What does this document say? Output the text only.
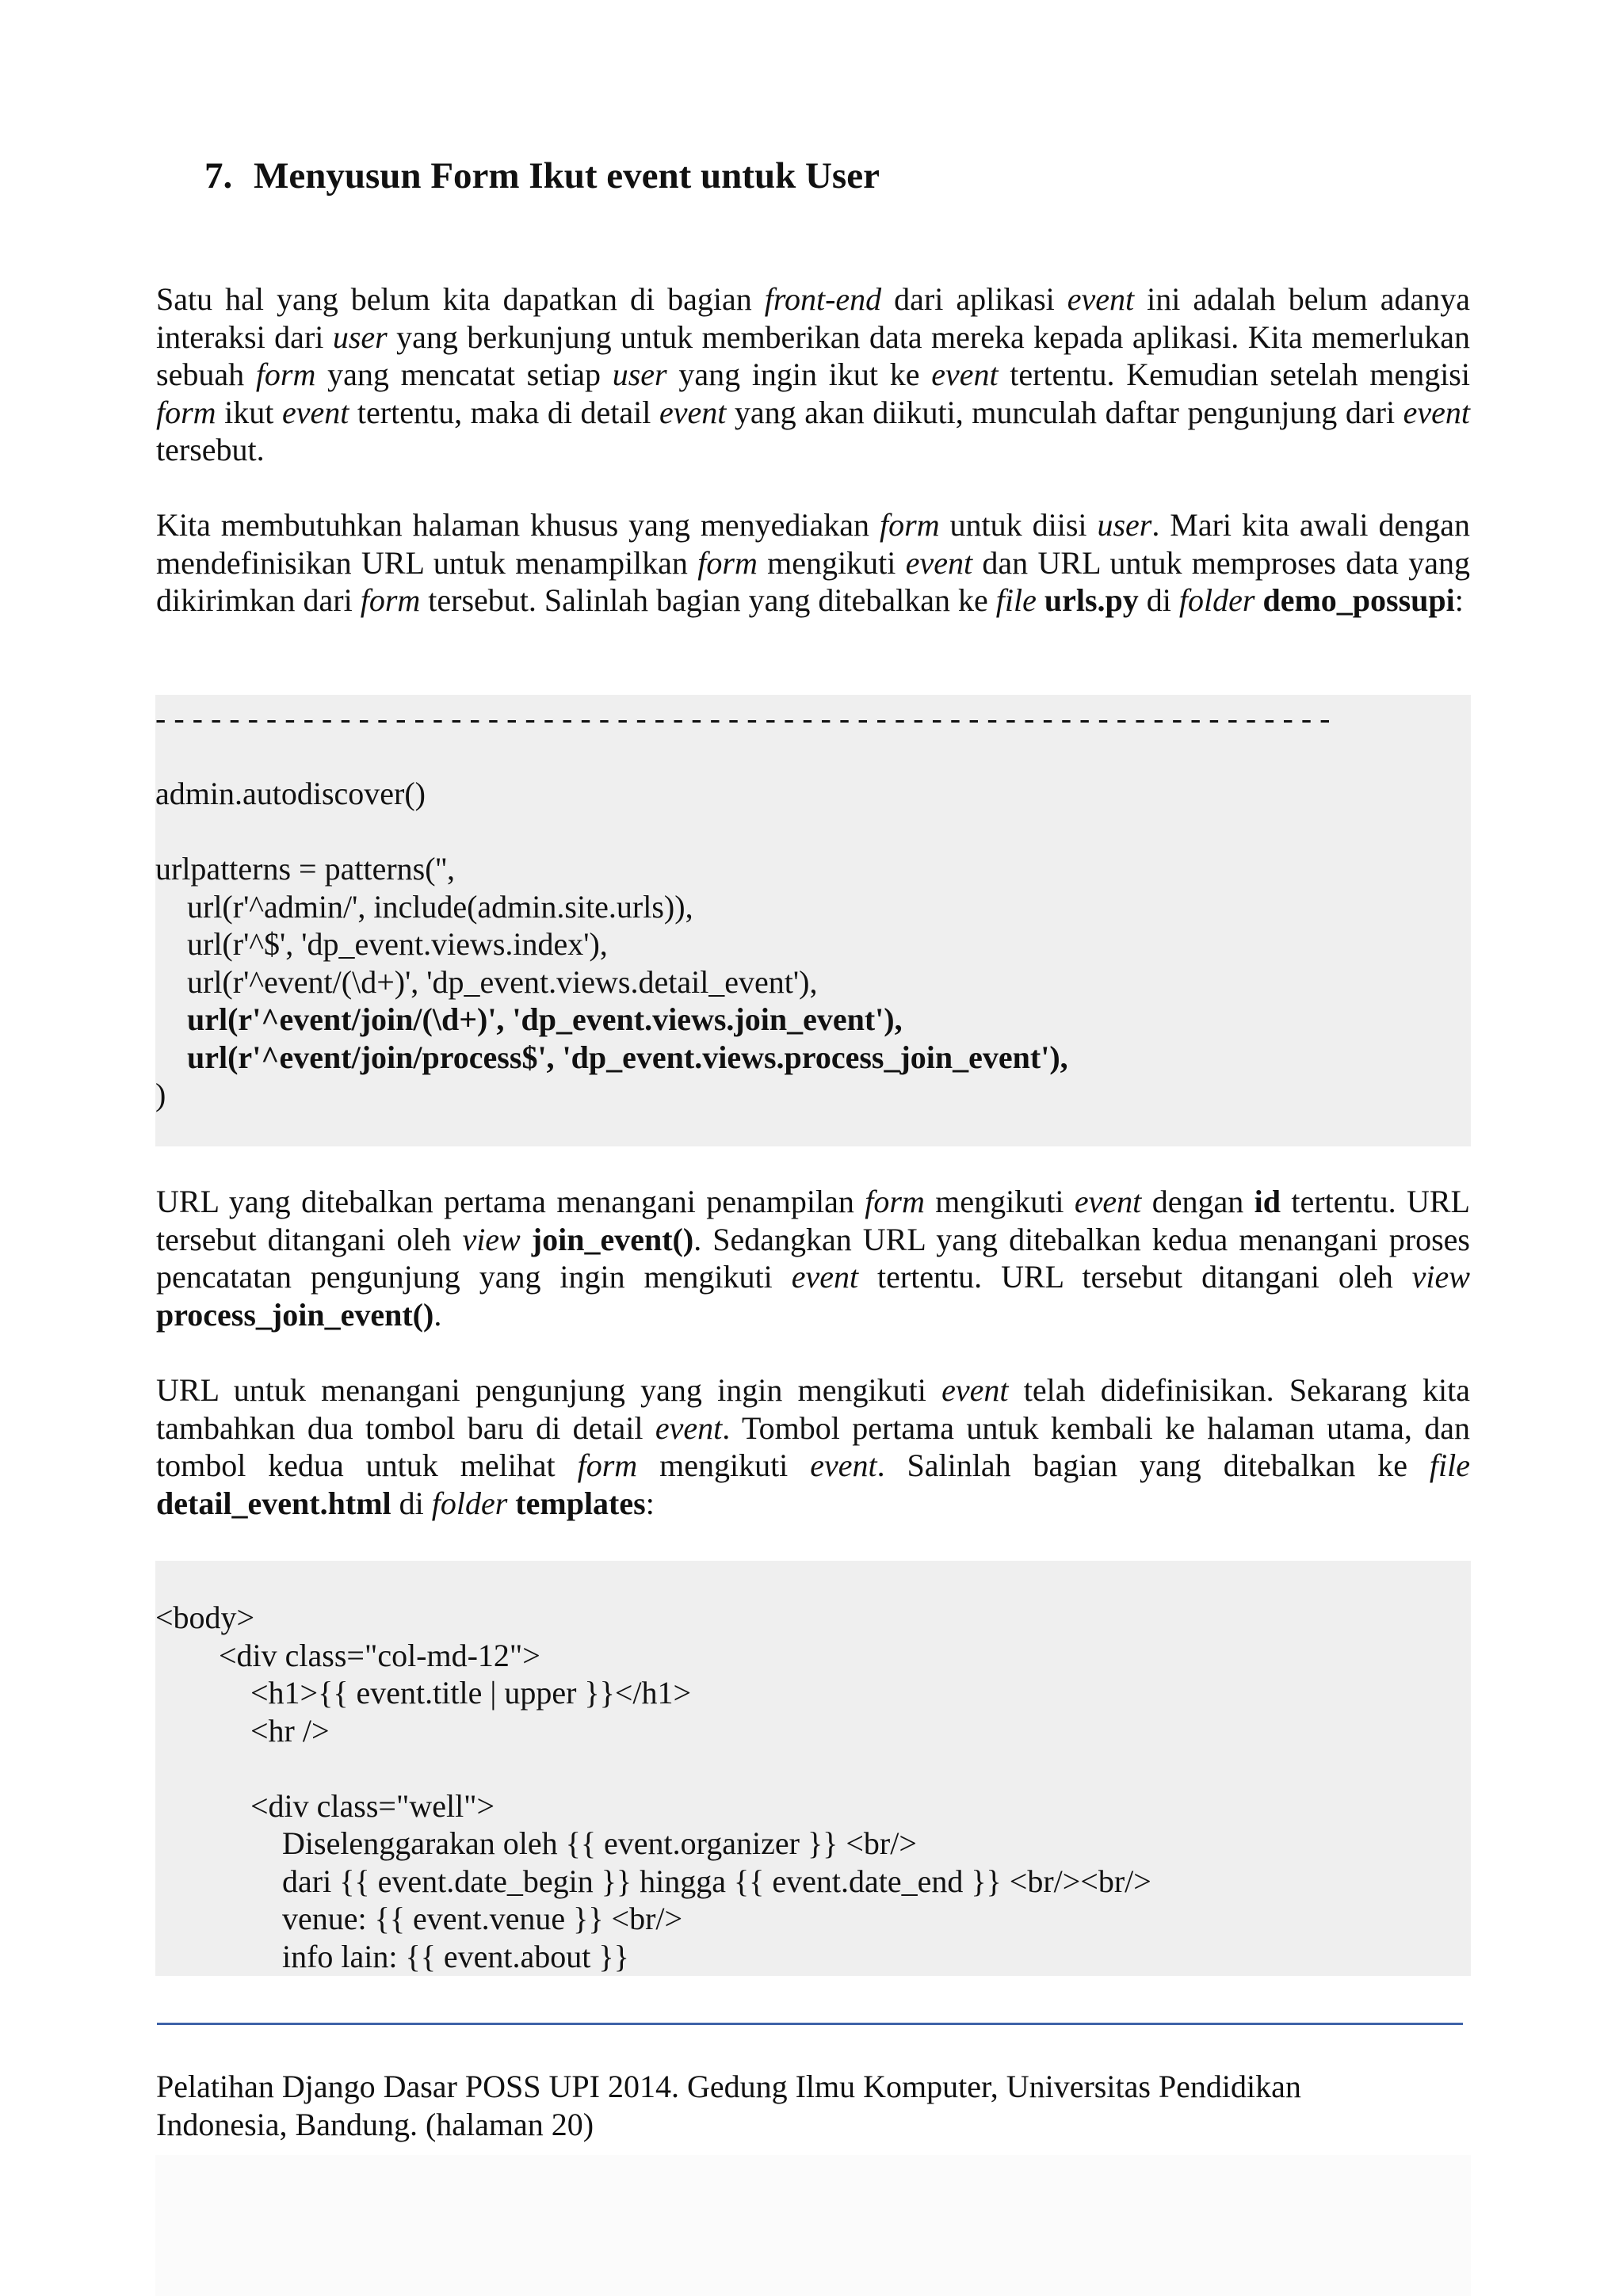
7. Menyusun Form Ikut event untuk User

Satu hal yang belum kita dapatkan di bagian front-end dari aplikasi event ini adalah belum adanya interaksi dari user yang berkunjung untuk memberikan data mereka kepada aplikasi. Kita memerlukan sebuah form yang mencatat setiap user yang ingin ikut ke event tertentu. Kemudian setelah mengisi form ikut event tertentu, maka di detail event yang akan diikuti, munculah daftar pengunjung dari event tersebut.

Kita membutuhkan halaman khusus yang menyediakan form untuk diisi user. Mari kita awali dengan mendefinisikan URL untuk menampilkan form mengikuti event dan URL untuk memproses data yang dikirimkan dari form tersebut. Salinlah bagian yang ditebalkan ke file urls.py di folder demo_possupi:

- - - - - - - - - - - - - - - - - - - - - - - - - - - - - - - - - - - - - - - - - - - - - - - - - - - - - - - - - - - - - - - -
admin.autodiscover()
urlpatterns = patterns('',
url(r'^admin/', include(admin.site.urls)),
url(r'^$', 'dp_event.views.index'),
url(r'^event/(\d+)', 'dp_event.views.detail_event'),
url(r'^event/join/(\d+)', 'dp_event.views.join_event'),
url(r'^event/join/process$', 'dp_event.views.process_join_event'),
)

URL yang ditebalkan pertama menangani penampilan form mengikuti event dengan id tertentu. URL tersebut ditangani oleh view join_event(). Sedangkan URL yang ditebalkan kedua menangani proses pencatatan pengunjung yang ingin mengikuti event tertentu. URL tersebut ditangani oleh view process_join_event().

URL untuk menangani pengunjung yang ingin mengikuti event telah didefinisikan. Sekarang kita tambahkan dua tombol baru di detail event. Tombol pertama untuk kembali ke halaman utama, dan tombol kedua untuk melihat form mengikuti event. Salinlah bagian yang ditebalkan ke file detail_event.html di folder templates:

<body>
<div class="col-md-12">
<h1>{{ event.title | upper }}</h1>
<hr />
<div class="well">
Diselenggarakan oleh {{ event.organizer }} <br/>
dari {{ event.date_begin }} hingga {{ event.date_end }} <br/><br/>
venue: {{ event.venue }} <br/>
info lain: {{ event.about }}

Pelatihan Django Dasar POSS UPI 2014. Gedung Ilmu Komputer, Universitas Pendidikan
Indonesia, Bandung. (halaman 20)
